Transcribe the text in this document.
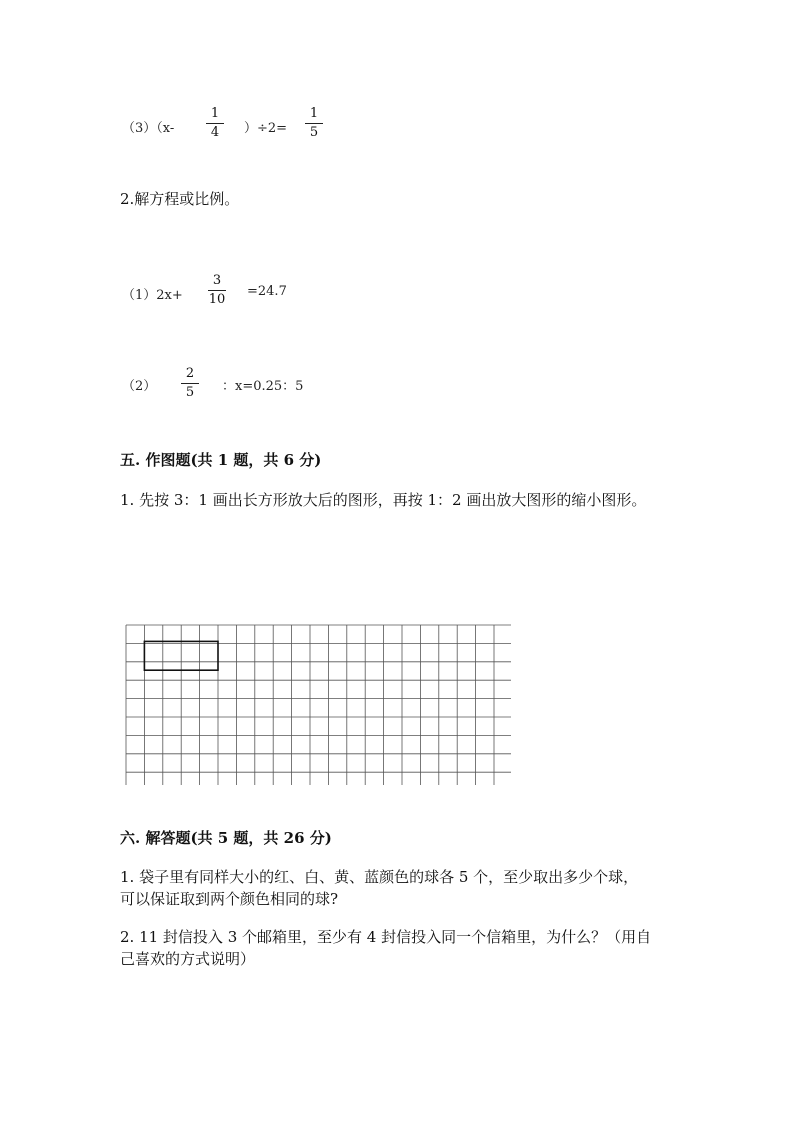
（3）（x-
1
4	）÷2=
1
5
2.解方程或比例。
（1）2x+
3
10
=24.7
（2）
2
5	：x=0.25：5
五. 作图题(共 1 题，共 6 分)
1. 先按 3：1 画出长方形放大后的图形，再按 1：2 画出放大图形的缩小图形。
六. 解答题(共 5 题，共 26 分)
1. 袋子里有同样大小的红、白、黄、蓝颜色的球各 5 个，至少取出多少个球，
可以保证取到两个颜色相同的球?
2. 11 封信投入 3 个邮箱里，至少有 4 封信投入同一个信箱里，为什么？（用自
己喜欢的方式说明）
